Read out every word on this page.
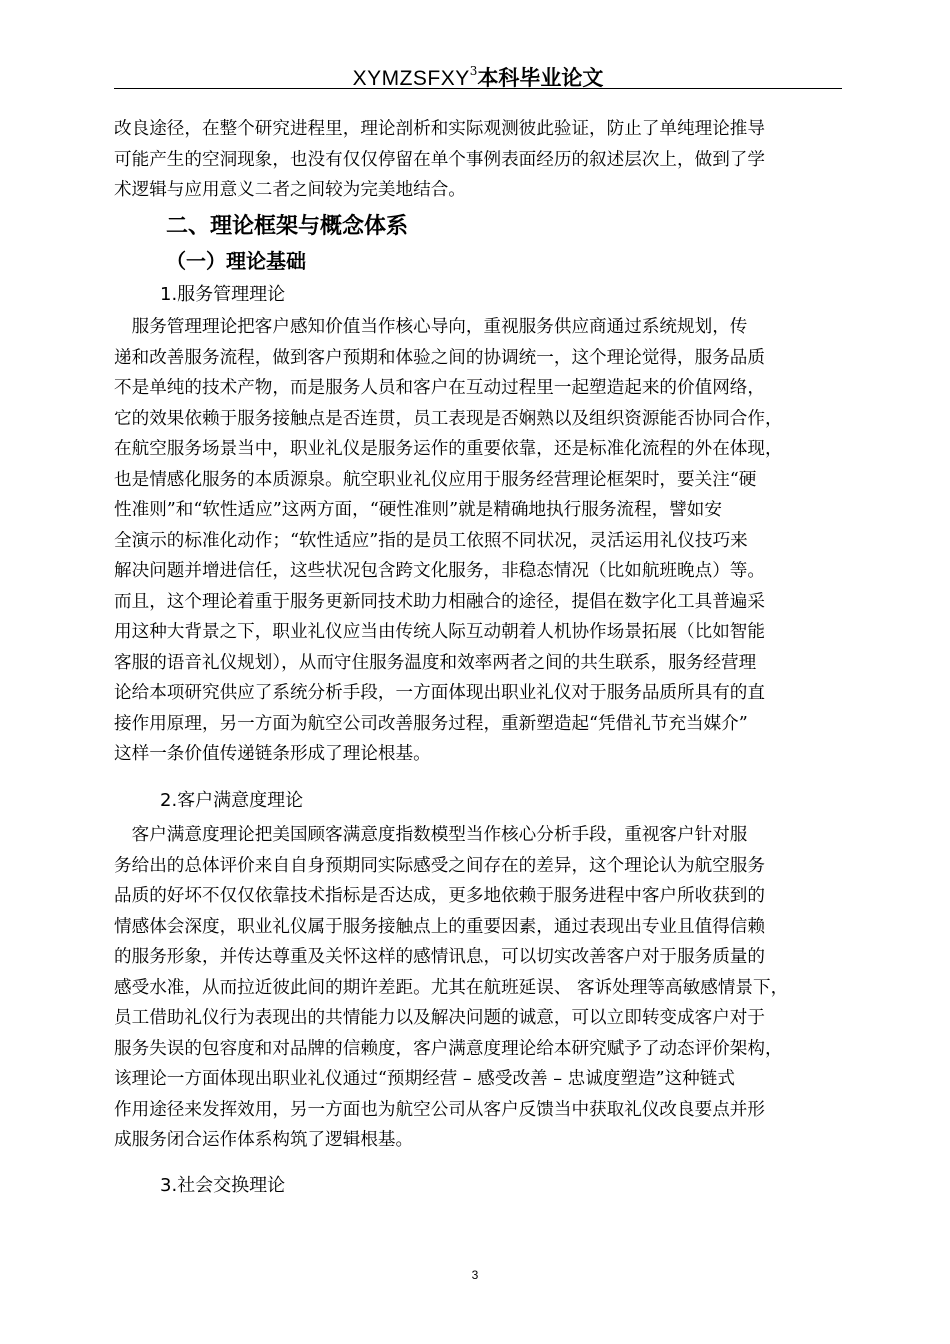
XYMZSFXY$^3$本科毕业论文
改良途径，在整个研究进程里，理论剖析和实际观测彼此验证，防止了单纯理论推导
可能产生的空洞现象，也没有仅仅停留在单个事例表面经历的叙述层次上，做到了学
术逻辑与应用意义二者之间较为完美地结合。
二、理论框架与概念体系
（一）理论基础
1.服务管理理论
　服务管理理论把客户感知价值当作核心导向，重视服务供应商通过系统规划，传
递和改善服务流程，做到客户预期和体验之间的协调统一，这个理论觉得，服务品质
不是单纯的技术产物，而是服务人员和客户在互动过程里一起塑造起来的价值网络，
它的效果依赖于服务接触点是否连贯，员工表现是否娴熟以及组织资源能否协同合作，
在航空服务场景当中，职业礼仪是服务运作的重要依靠，还是标准化流程的外在体现，
也是情感化服务的本质源泉。航空职业礼仪应用于服务经营理论框架时，要关注“硬
性准则”和“软性适应”这两方面，“硬性准则”就是精确地执行服务流程，譬如安
全演示的标准化动作；“软性适应”指的是员工依照不同状况，灵活运用礼仪技巧来
解决问题并增进信任，这些状况包含跨文化服务，非稳态情况（比如航班晚点）等。
而且，这个理论着重于服务更新同技术助力相融合的途径，提倡在数字化工具普遍采
用这种大背景之下，职业礼仪应当由传统人际互动朝着人机协作场景拓展（比如智能
客服的语音礼仪规划），从而守住服务温度和效率两者之间的共生联系，服务经营理
论给本项研究供应了系统分析手段，一方面体现出职业礼仪对于服务品质所具有的直
接作用原理，另一方面为航空公司改善服务过程，重新塑造起“凭借礼节充当媒介”
这样一条价值传递链条形成了理论根基。
2.客户满意度理论
　客户满意度理论把美国顾客满意度指数模型当作核心分析手段，重视客户针对服
务给出的总体评价来自自身预期同实际感受之间存在的差异，这个理论认为航空服务
品质的好坏不仅仅依靠技术指标是否达成，更多地依赖于服务进程中客户所收获到的
情感体会深度，职业礼仪属于服务接触点上的重要因素，通过表现出专业且值得信赖
的服务形象，并传达尊重及关怀这样的感情讯息，可以切实改善客户对于服务质量的
感受水准，从而拉近彼此间的期许差距。尤其在航班延误、 客诉处理等高敏感情景下，
员工借助礼仪行为表现出的共情能力以及解决问题的诚意，可以立即转变成客户对于
服务失误的包容度和对品牌的信赖度，客户满意度理论给本研究赋予了动态评价架构，
该理论一方面体现出职业礼仪通过“预期经营 – 感受改善 – 忠诚度塑造”这种链式
作用途径来发挥效用，另一方面也为航空公司从客户反馈当中获取礼仪改良要点并形
成服务闭合运作体系构筑了逻辑根基。
3.社会交换理论
3
